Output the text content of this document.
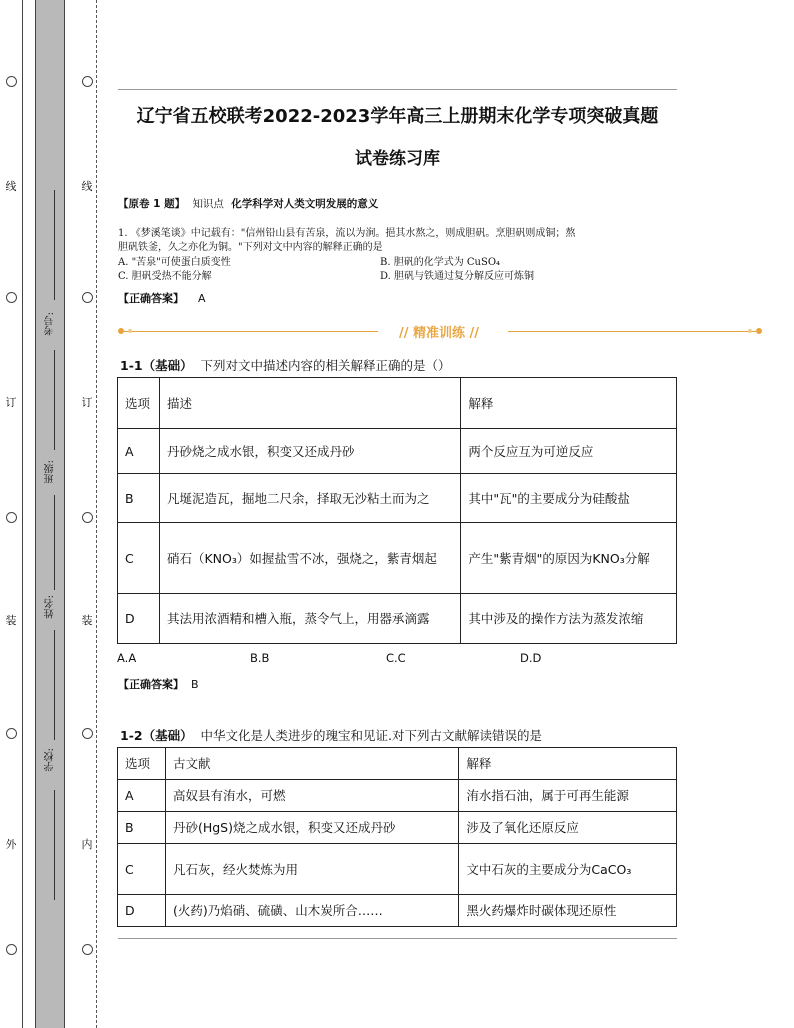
线
订
装
外
线
订
装
内
考号:
班级:
姓名:
学校:
辽宁省五校联考2022-2023学年高三上册期末化学专项突破真题
试卷练习库
【原卷 1 题】 知识点 化学科学对人类文明发展的意义
1. 《梦溪笔谈》中记载有："信州铅山县有苦泉，流以为涧。挹其水熬之，则成胆矾。烹胆矾则成铜；熬
胆矾铁釜，久之亦化为铜。"下列对文中内容的解释正确的是
A. "苦泉"可使蛋白质变性	B. 胆矾的化学式为 CuSO₄
C. 胆矾受热不能分解	D. 胆矾与铁通过复分解反应可炼铜
【正确答案】 A
// 精准训练 //
1-1（基础） 下列对文中描述内容的相关解释正确的是（）
选项	描述	解释
A	丹砂烧之成水银，积变又还成丹砂	两个反应互为可逆反应
B	凡埏泥造瓦，掘地二尺余，择取无沙粘土而为之	其中"瓦"的主要成分为硅酸盐
C	硝石（KNO₃）如握盐雪不冰，强烧之，紫青烟起	产生"紫青烟"的原因为KNO₃分解
D	其法用浓酒精和槽入瓶，蒸令气上，用器承滴露	其中涉及的操作方法为蒸发浓缩
A.A	B.B	C.C	D.D
【正确答案】 B
1-2（基础） 中华文化是人类进步的瑰宝和见证.对下列古文献解读错误的是
选项	古文献	解释
A	高奴县有洧水，可燃	洧水指石油，属于可再生能源
B	丹砂(HgS)烧之成水银，积变又还成丹砂	涉及了氧化还原反应
C	凡石灰，经火焚炼为用	文中石灰的主要成分为CaCO₃
D	(火药)乃焰硝、硫磺、山木炭所合……	黑火药爆炸时碳体现还原性
